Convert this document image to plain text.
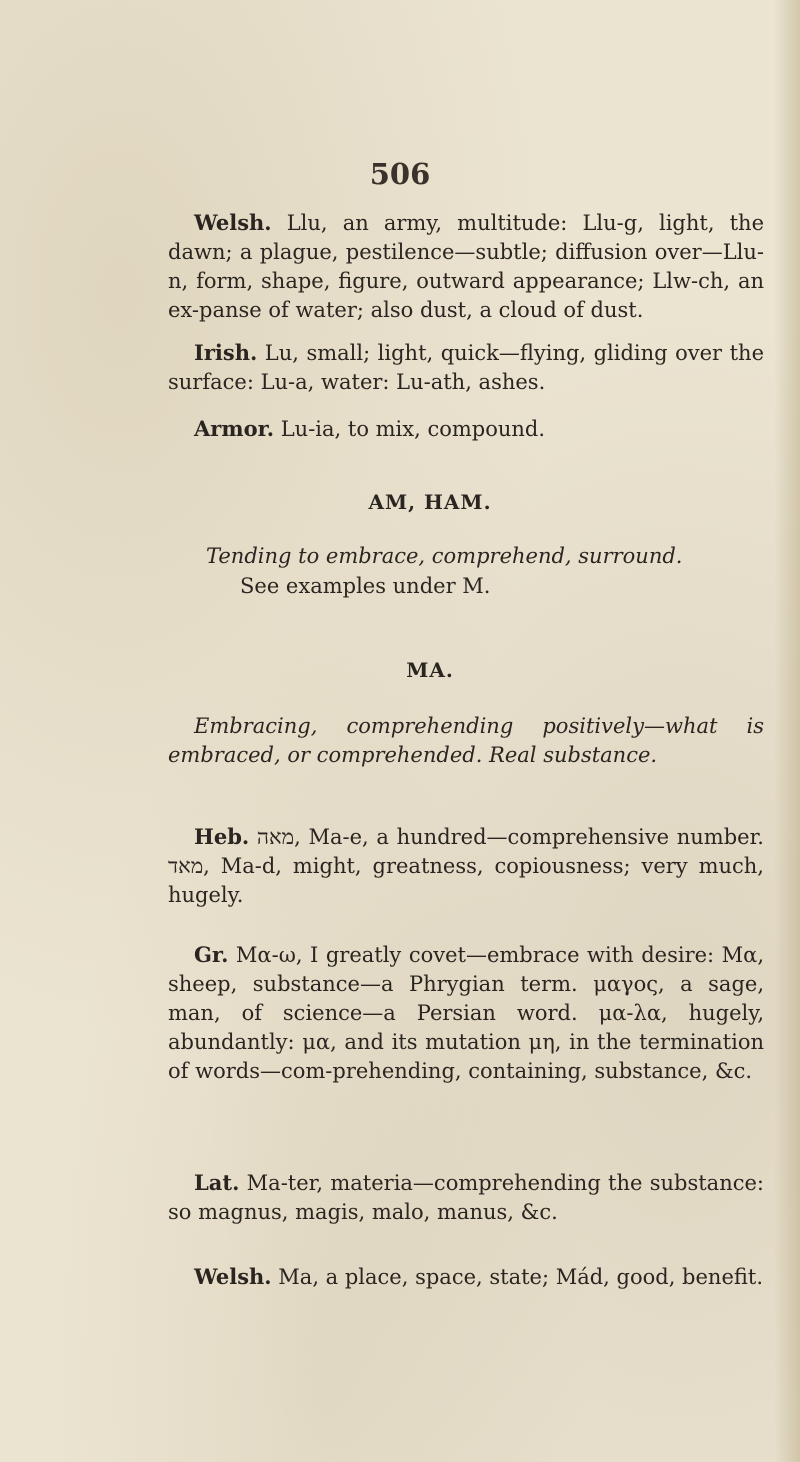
506
Welsh. Llu, an army, multitude: Llu-g, light, the dawn; a plague, pestilence—subtle; diffusion over—Llu-n, form, shape, figure, outward appearance; Llw-ch, an ex-panse of water; also dust, a cloud of dust.
Irish. Lu, small; light, quick—flying, gliding over the surface: Lu-a, water: Lu-ath, ashes.
Armor. Lu-ia, to mix, compound.
AM, HAM.
Tending to embrace, comprehend, surround.
See examples under M.
MA.
Embracing, comprehending positively—what is embraced, or comprehended. Real substance.
Heb. מאה, Ma-e, a hundred—comprehensive number. מאד, Ma-d, might, greatness, copiousness; very much, hugely.
Gr. Μα-ω, I greatly covet—embrace with desire: Μα, sheep, substance—a Phrygian term. μαγος, a sage, man, of science—a Persian word. μα-λα, hugely, abundantly: μα, and its mutation μη, in the termination of words—com-prehending, containing, substance, &c.
Lat. Ma-ter, materia—comprehending the substance: so magnus, magis, malo, manus, &c.
Welsh. Ma, a place, space, state; Mád, good, benefit.
